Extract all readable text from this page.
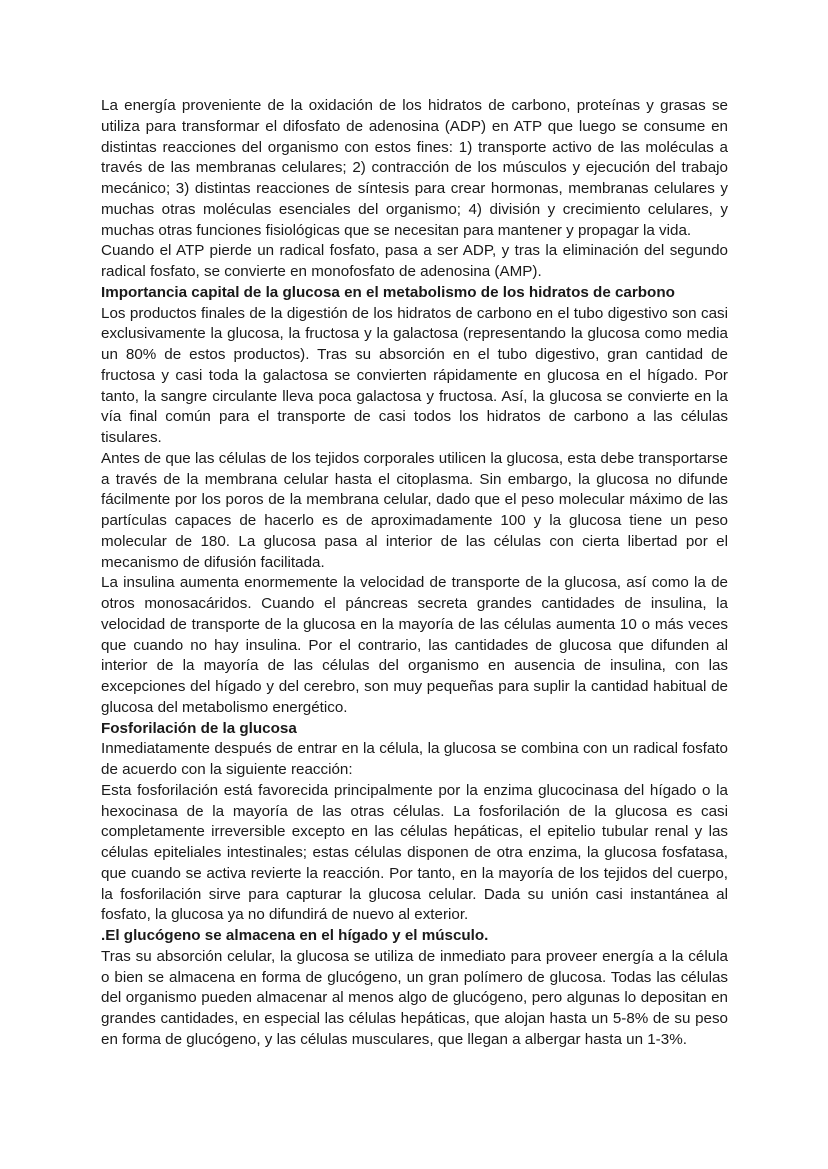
La energía proveniente de la oxidación de los hidratos de carbono, proteínas y grasas se utiliza para transformar el difosfato de adenosina (ADP) en ATP que luego se consume en distintas reacciones del organismo con estos fines: 1) transporte activo de las moléculas a través de las membranas celulares; 2) contracción de los músculos y ejecución del trabajo mecánico; 3) distintas reacciones de síntesis para crear hormonas, membranas celulares y muchas otras moléculas esenciales del organismo; 4) división y crecimiento celulares, y muchas otras funciones fisiológicas que se necesitan para mantener y propagar la vida.

Cuando el ATP pierde un radical fosfato, pasa a ser ADP, y tras la eliminación del segundo radical fosfato, se convierte en monofosfato de adenosina (AMP).

Importancia capital de la glucosa en el metabolismo de los hidratos de carbono

Los productos finales de la digestión de los hidratos de carbono en el tubo digestivo son casi exclusivamente la glucosa, la fructosa y la galactosa (representando la glucosa como media un 80% de estos productos). Tras su absorción en el tubo digestivo, gran cantidad de fructosa y casi toda la galactosa se convierten rápidamente en glucosa en el hígado. Por tanto, la sangre circulante lleva poca galactosa y fructosa. Así, la glucosa se convierte en la vía final común para el transporte de casi todos los hidratos de carbono a las células tisulares.

Antes de que las células de los tejidos corporales utilicen la glucosa, esta debe transportarse a través de la membrana celular hasta el citoplasma. Sin embargo, la glucosa no difunde fácilmente por los poros de la membrana celular, dado que el peso molecular máximo de las partículas capaces de hacerlo es de aproximadamente 100 y la glucosa tiene un peso molecular de 180. La glucosa pasa al interior de las células con cierta libertad por el mecanismo de difusión facilitada.

La insulina aumenta enormemente la velocidad de transporte de la glucosa, así como la de otros monosacáridos. Cuando el páncreas secreta grandes cantidades de insulina, la velocidad de transporte de la glucosa en la mayoría de las células aumenta 10 o más veces que cuando no hay insulina. Por el contrario, las cantidades de glucosa que difunden al interior de la mayoría de las células del organismo en ausencia de insulina, con las excepciones del hígado y del cerebro, son muy pequeñas para suplir la cantidad habitual de glucosa del metabolismo energético.

Fosforilación de la glucosa

Inmediatamente después de entrar en la célula, la glucosa se combina con un radical fosfato de acuerdo con la siguiente reacción:

Esta fosforilación está favorecida principalmente por la enzima glucocinasa del hígado o la hexocinasa de la mayoría de las otras células. La fosforilación de la glucosa es casi completamente irreversible excepto en las células hepáticas, el epitelio tubular renal y las células epiteliales intestinales; estas células disponen de otra enzima, la glucosa fosfatasa, que cuando se activa revierte la reacción. Por tanto, en la mayoría de los tejidos del cuerpo, la fosforilación sirve para capturar la glucosa celular. Dada su unión casi instantánea al fosfato, la glucosa ya no difundirá de nuevo al exterior.

.El glucógeno se almacena en el hígado y el músculo.

Tras su absorción celular, la glucosa se utiliza de inmediato para proveer energía a la célula o bien se almacena en forma de glucógeno, un gran polímero de glucosa. Todas las células del organismo pueden almacenar al menos algo de glucógeno, pero algunas lo depositan en grandes cantidades, en especial las células hepáticas, que alojan hasta un 5-8% de su peso en forma de glucógeno, y las células musculares, que llegan a albergar hasta un 1-3%.
